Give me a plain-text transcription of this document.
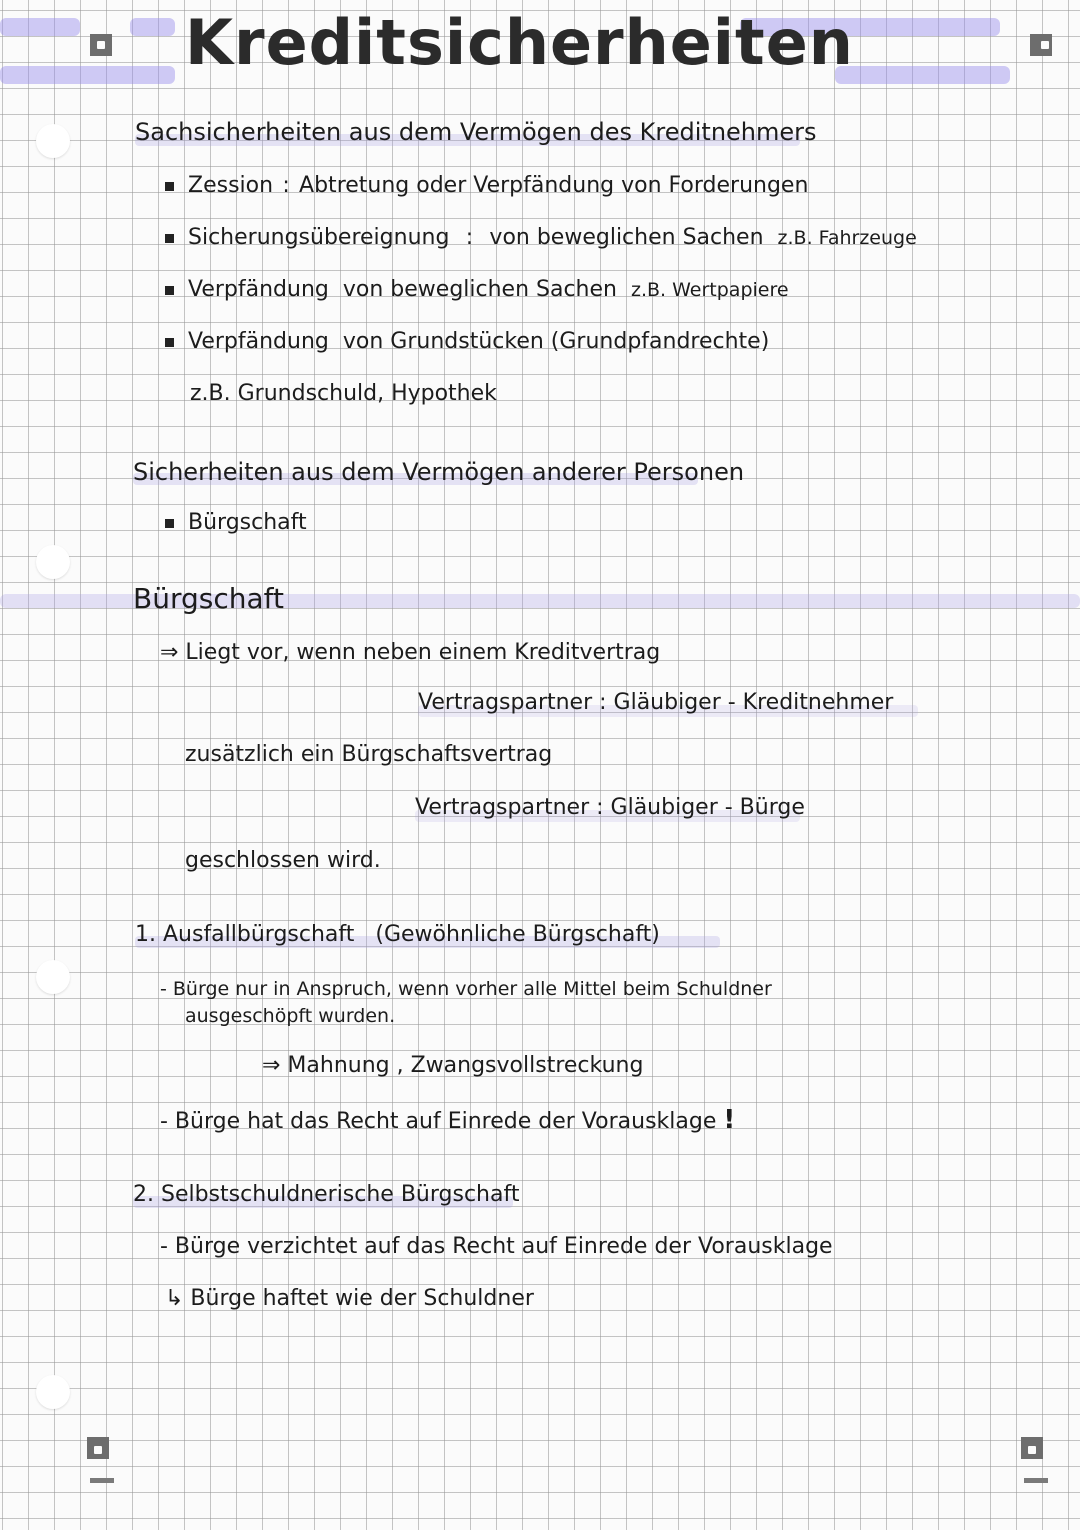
Kreditsicherheiten
Sachsicherheiten aus dem Vermögen des Kreditnehmers
Zession : Abtretung oder Verpfändung von Forderungen
Sicherungsübereignung : von beweglichen Sachen z.B. Fahrzeuge
Verpfändung von beweglichen Sachen z.B. Wertpapiere
Verpfändung von Grundstücken (Grundpfandrechte)
z.B. Grundschuld, Hypothek
Sicherheiten aus dem Vermögen anderer Personen
Bürgschaft
Bürgschaft
⇒ Liegt vor, wenn neben einem Kreditvertrag
Vertragspartner : Gläubiger - Kreditnehmer
zusätzlich ein Bürgschaftsvertrag
Vertragspartner : Gläubiger - Bürge
geschlossen wird.
1. Ausfallbürgschaft (Gewöhnliche Bürgschaft)
- Bürge nur in Anspruch, wenn vorher alle Mittel beim Schuldner
ausgeschöpft wurden.
⇒ Mahnung , Zwangsvollstreckung
- Bürge hat das Recht auf Einrede der Vorausklage !
2. Selbstschuldnerische Bürgschaft
- Bürge verzichtet auf das Recht auf Einrede der Vorausklage
↳ Bürge haftet wie der Schuldner
